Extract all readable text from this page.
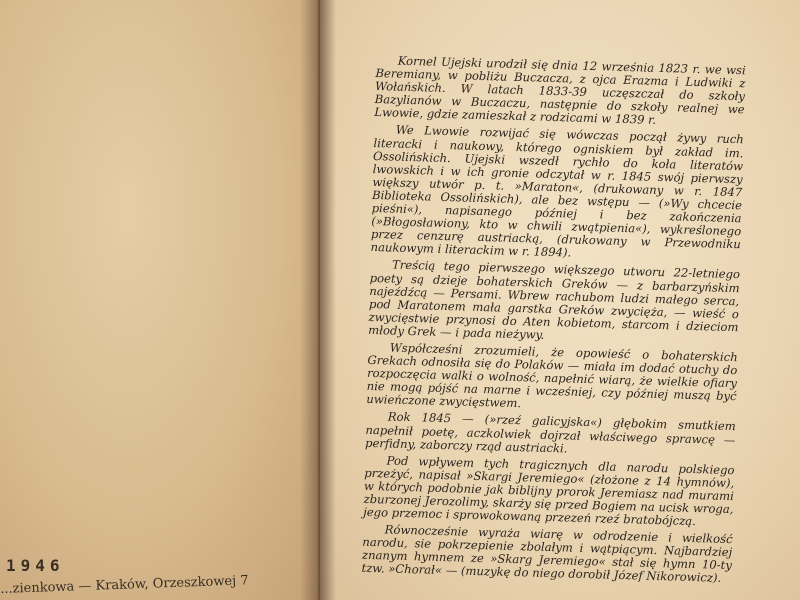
1946
...zienkowa — Kraków, Orzeszkowej 7

Kornel Ujejski urodził się dnia 12 września 1823 r. we wsi Beremiany, w pobliżu Buczacza, z ojca Erazma i Ludwiki z Wołańskich. W latach 1833-39 uczęszczał do szkoły Bazylianów w Buczaczu, następnie do szkoły realnej we Lwowie, gdzie zamieszkał z rodzicami w 1839 r.

We Lwowie rozwijać się wówczas począł żywy ruch literacki i naukowy, którego ogniskiem był zakład im. Ossolińskich. Ujejski wszedł rychło do koła literatów lwowskich i w ich gronie odczytał w r. 1845 swój pierwszy większy utwór p. t. »Maraton«, (drukowany w r. 1847 Biblioteka Ossolińskich), ale bez wstępu — (»Wy chcecie pieśni«), napisanego później i bez zakończenia (»Błogosławiony, kto w chwili zwątpienia«), wykreślonego przez cenzurę austriacką, (drukowany w Przewodniku naukowym i literackim w r. 1894).

Treścią tego pierwszego większego utworu 22-letniego poety są dzieje bohaterskich Greków — z barbarzyńskim najeźdźcą — Persami. Wbrew rachubom ludzi małego serca, pod Maratonem mała garstka Greków zwycięża, — wieść o zwycięstwie przynosi do Aten kobietom, starcom i dzieciom młody Grek — i pada nieżywy.

Współcześni zrozumieli, że opowieść o bohaterskich Grekach odnosiła się do Polaków — miała im dodać otuchy do rozpoczęcia walki o wolność, napełnić wiarą, że wielkie ofiary nie mogą pójść na marne i wcześniej, czy później muszą być uwieńczone zwycięstwem.

Rok 1845 — (»rzeź galicyjska«) głębokim smutkiem napełnił poetę, aczkolwiek dojrzał właściwego sprawcę — perfidny, zaborczy rząd austriacki.

Pod wpływem tych tragicznych dla narodu polskiego przeżyć, napisał »Skargi Jeremiego« (złożone z 14 hymnów), w których podobnie jak biblijny prorok Jeremiasz nad murami zburzonej Jerozolimy, skarży się przed Bogiem na ucisk wroga, jego przemoc i sprowokowaną przezeń rzeź bratobójczą.

Równocześnie wyraża wiarę w odrodzenie i wielkość narodu, sie pokrzepienie zbolałym i wątpiącym. Najbardziej znanym hymnem ze »Skarg Jeremiego« stał się hymn 10-ty tzw. »Chorał« — (muzykę do niego dorobił Józef Nikorowicz).
